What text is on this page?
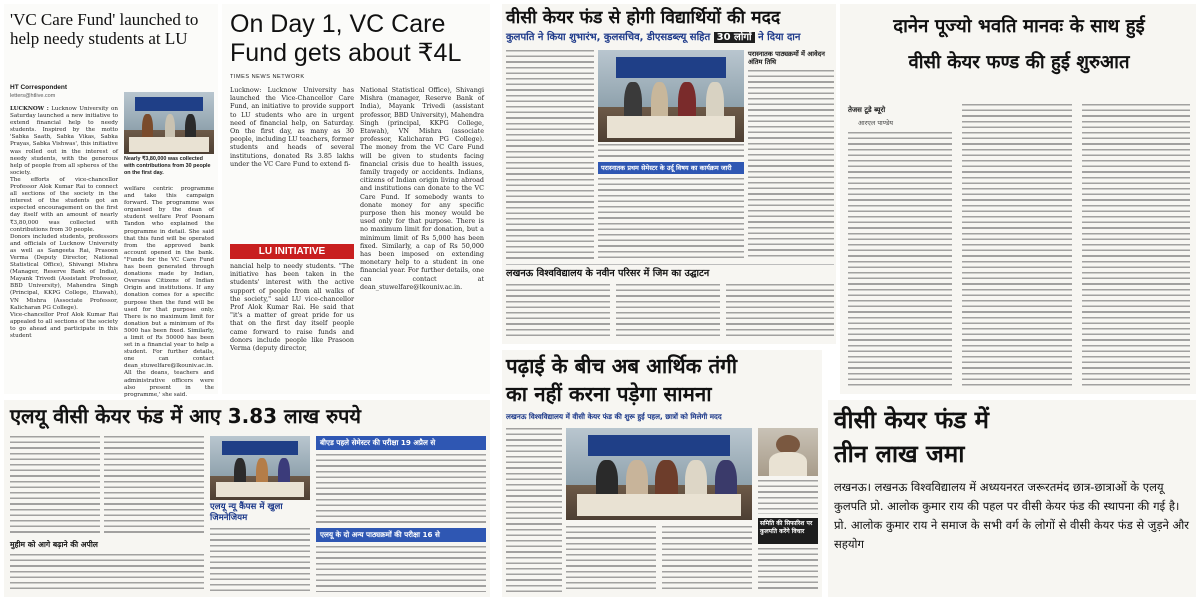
'VC Care Fund' launched to help needy students at LU
HT Correspondent
letters@htlive.com
Nearly ₹3,80,000 was collected with contributions from 30 people on the first day.
LUCKNOW : Lucknow University on Saturday launched a new initiative to extend financial help to needy students. Inspired by the motto 'Sabka Saath, Sabka Vikas, Sabka Prayas, Sabka Vishwas', this initiative was rolled out in the interest of needy students, with the generous help of people from all spheres of the society.
The efforts of vice-chancellor Professor Alok Kumar Rai to connect all sections of the society in the interest of the students got an expected encouragement on the first day itself with an amount of nearly ₹3,80,000 was collected with contributions from 30 people.
Donors included students, professors and officials of Lucknow University as well as Sangeeta Rai, Prasoon Verma (Deputy Director, National Statistical Office), Shivangi Mishra (Manager, Reserve Bank of India), Mayank Trivedi (Assistant Professor, BBD University), Mahendra Singh (Principal, KKPG College, Etawah), VN Mishra (Associate Professor, Kalicharan PG College).
Vice-chancellor Prof Alok Kumar Rai appealed to all sections of the society to go ahead and participate in this student
welfare centric programme and take this campaign forward. The programme was organised by the dean of student welfare Prof Poonam Tandon who explained the programme in detail. She said that this fund will be operated from the approved bank account opened in the bank. "Funds for the VC Care Fund has been generated through donations made by Indian, Overseas Citizens of Indian Origin and institutions. If any donation comes for a specific purpose then the fund will be used for that purpose only. There is no maximum limit for donation but a minimum of Rs 5000 has been fixed. Similarly, a limit of Rs 50000 has been set in a financial year to help a student. For further details, one can contact dean_stuwelfare@lkouniv.ac.in. All the deans, teachers and administrative officers were also present in the programme,' she said.
On Day 1, VC Care Fund gets about ₹4L
TIMES NEWS NETWORK
Lucknow: Lucknow University has launched the Vice-Chancellor Care Fund, an initiative to provide support to LU students who are in urgent need of financial help, on Saturday. On the first day, as many as 30 people, including LU teachers, former students and heads of several institutions, donated Rs 3.85 lakhs under the VC Care Fund to extend fi-
LU INITIATIVE
nancial help to needy students. "The initiative has been taken in the students' interest with the active support of people from all walks of the society," said LU vice-chancellor Prof Alok Kumar Rai. He said that "it's a matter of great pride for us that on the first day itself people came forward to raise funds and donors include people like Prasoon Verma (deputy director,
National Statistical Office), Shivangi Mishra (manager, Reserve Bank of India), Mayank Trivedi (assistant professor, BBD University), Mahendra Singh (principal, KKPG College, Etawah), VN Mishra (associate professor, Kalicharan PG College). The money from the VC Care Fund will be given to students facing financial crisis due to health issues, family tragedy or accidents. Indians, citizens of Indian origin living abroad and institutions can donate to the VC Care Fund. If somebody wants to donate money for any specific purpose then his money would be used only for that purpose. There is no maximum limit for donation, but a minimum limit of Rs 5,000 has been fixed. Similarly, a cap of Rs 50,000 has been imposed on extending monetary help to a student in one financial year. For further details, one can contact at dean_stuwelfare@lkouniv.ac.in.
वीसी केयर फंड से होगी विद्यार्थियों की मदद
कुलपति ने किया शुभारंभ, कुलसचिव, डीएसडब्ल्यू सहित 30 लोगों ने दिया दान
परास्नातक पाठ्यक्रमों में आवेदन अंतिम तिथि
परास्नातक प्रथम सेमेस्टर के उर्दू विषय का कार्यक्रम जारी
लखनऊ विश्वविद्यालय के नवीन परिसर में जिम का उद्घाटन
दानेन पूज्यो भवति मानवः के साथ हुई
वीसी केयर फण्ड की हुई शुरुआत
तेजस टूडे ब्यूरो
आरएल पाण्डेय
एलयू वीसी केयर फंड में आए 3.83 लाख रुपये
मुहीम को आगे बढ़ाने की अपील
एलयू न्यू कैंपस में खुला जिमनेजियम
बीएड पहले सेमेस्टर की परीक्षा 19 अप्रैल से
एलयू के दो अन्य पाठ्यक्रमों की परीक्षा 16 से
पढ़ाई के बीच अब आर्थिक तंगी
का नहीं करना पड़ेगा सामना
लखनऊ विश्वविद्यालय में वीसी केयर फंड की शुरू हुई पहल, छात्रों को मिलेगी मदद
समिति की सिफारिश पर कुलपति करेंगे विचार
वीसी केयर फंड में
तीन लाख जमा
लखनऊ। लखनऊ विश्वविद्यालय में अध्ययनरत जरूरतमंद छात्र-छात्राओं के एलयू कुलपति प्रो. आलोक कुमार राय की पहल पर वीसी केयर फंड की स्थापना की गई है। प्रो. आलोक कुमार राय ने समाज के सभी वर्ग के लोगों से वीसी केयर फंड से जुड़ने और सहयोग
